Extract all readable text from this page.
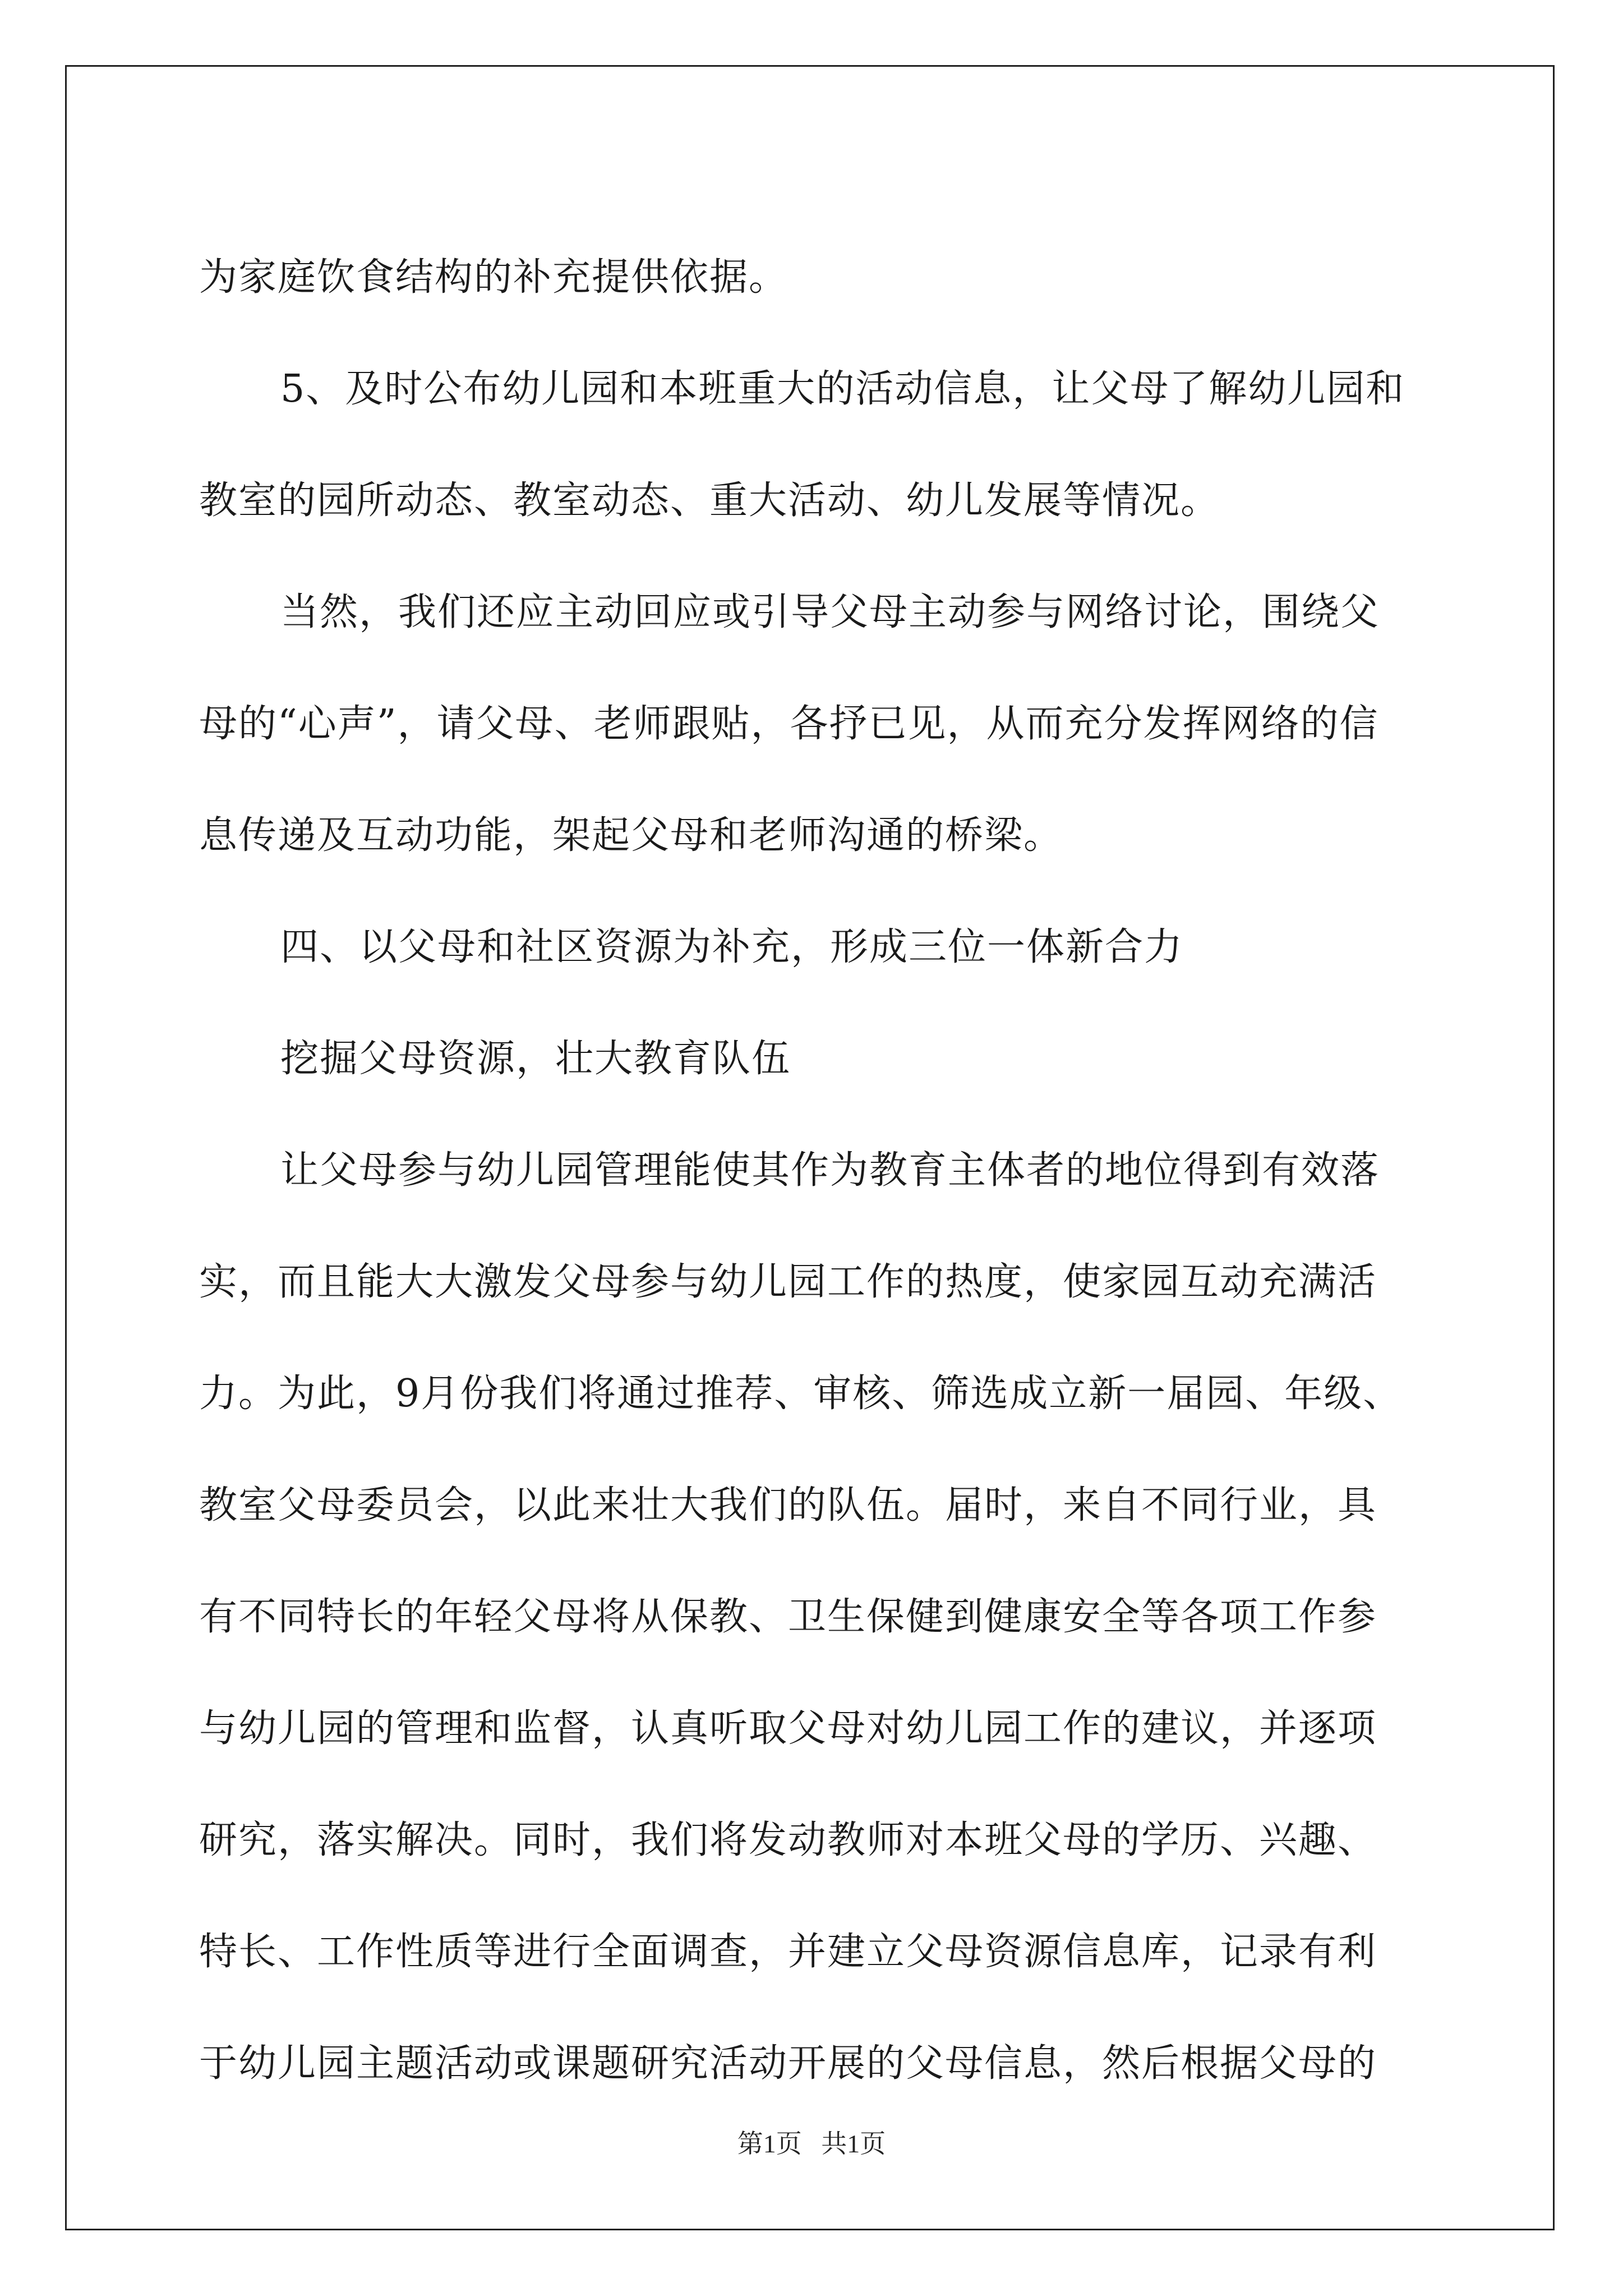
为家庭饮食结构的补充提供依据。
5、及时公布幼儿园和本班重大的活动信息，让父母了解幼儿园和
教室的园所动态、教室动态、重大活动、幼儿发展等情况。
当然，我们还应主动回应或引导父母主动参与网络讨论，围绕父
母的“心声”，请父母、老师跟贴，各抒已见，从而充分发挥网络的信
息传递及互动功能，架起父母和老师沟通的桥梁。
四、以父母和社区资源为补充，形成三位一体新合力
挖掘父母资源，壮大教育队伍
让父母参与幼儿园管理能使其作为教育主体者的地位得到有效落
实，而且能大大激发父母参与幼儿园工作的热度，使家园互动充满活
力。为此，9月份我们将通过推荐、审核、筛选成立新一届园、年级、
教室父母委员会，以此来壮大我们的队伍。届时，来自不同行业，具
有不同特长的年轻父母将从保教、卫生保健到健康安全等各项工作参
与幼儿园的管理和监督，认真听取父母对幼儿园工作的建议，并逐项
研究，落实解决。同时，我们将发动教师对本班父母的学历、兴趣、
特长、工作性质等进行全面调查，并建立父母资源信息库，记录有利
于幼儿园主题活动或课题研究活动开展的父母信息，然后根据父母的
第1页   共1页
